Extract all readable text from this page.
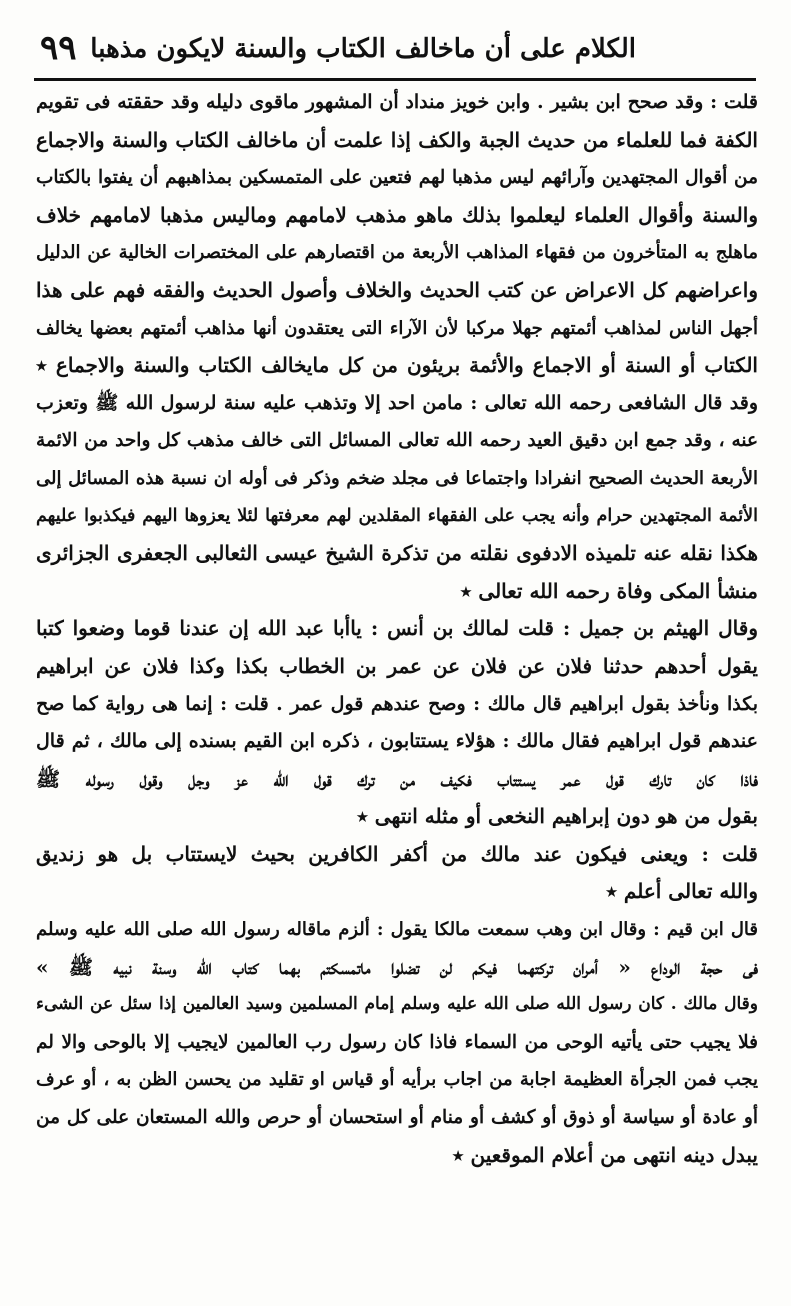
الكلام على أن ماخالف الكتاب والسنة لايكون مذهبا
٩٩
قلت : وقد صحح ابن بشير . وابن خويز منداد أن المشهور ماقوى دليله وقد حققته فى تقويم
الكفة فما للعلماء من حديث الجبة والكف إذا علمت أن ماخالف الكتاب والسنة والاجماع
من أقوال المجتهدين وآرائهم ليس مذهبا لهم فتعين على المتمسكين بمذاهبهم أن يفتوا بالكتاب
والسنة وأقوال العلماء ليعلموا بذلك ماهو مذهب لامامهم وماليس مذهبا لامامهم خلاف
ماهلج به المتأخرون من فقهاء المذاهب الأربعة من اقتصارهم على المختصرات الخالية عن الدليل
واعراضهم كل الاعراض عن كتب الحديث والخلاف وأصول الحديث والفقه فهم على هذا
أجهل الناس لمذاهب أئمتهم جهلا مركبا لأن الآراء التى يعتقدون أنها مذاهب أئمتهم بعضها يخالف
الكتاب أو السنة أو الاجماع والأئمة بريئون من كل مايخالف الكتاب والسنة والاجماع ٭
وقد قال الشافعى رحمه الله تعالى : مامن احد إلا وتذهب عليه سنة لرسول الله ﷺ وتعزب
عنه ، وقد جمع ابن دقيق العيد رحمه الله تعالى المسائل التى خالف مذهب كل واحد من الائمة
الأربعة الحديث الصحيح انفرادا واجتماعا فى مجلد ضخم وذكر فى أوله ان نسبة هذه المسائل إلى
الأئمة المجتهدين حرام وأنه يجب على الفقهاء المقلدين لهم معرفتها لئلا يعزوها اليهم فيكذبوا عليهم
هكذا نقله عنه تلميذه الادفوى نقلته من تذكرة الشيخ عيسى الثعالبى الجعفرى الجزائرى
منشأ المكى وفاة رحمه الله تعالى ٭
وقال الهيثم بن جميل : قلت لمالك بن أنس : ياأبا عبد الله إن عندنا قوما وضعوا كتبا
يقول أحدهم حدثنا فلان عن فلان عن عمر بن الخطاب بكذا وكذا فلان عن ابراهيم
بكذا ونأخذ بقول ابراهيم قال مالك : وصح عندهم قول عمر . قلت : إنما هى رواية كما صح
عندهم قول ابراهيم فقال مالك : هؤلاء يستتابون ، ذكره ابن القيم بسنده إلى مالك ، ثم قال
فاذا كان تارك قول عمر يستتاب فكيف من ترك قول الله عز وجل وقول رسوله ﷺ
بقول من هو دون إبراهيم النخعى أو مثله انتهى ٭
قلت : ويعنى فيكون عند مالك من أكفر الكافرين بحيث لايستتاب بل هو زنديق
والله تعالى أعلم ٭
قال ابن قيم : وقال ابن وهب سمعت مالكا يقول : ألزم ماقاله رسول الله صلى الله عليه وسلم
فى حجة الوداع « أمران تركتهما فيكم لن تضلوا ماتمسكتم بهما كتاب الله وسنة نبيه ﷺ »
وقال مالك . كان رسول الله صلى الله عليه وسلم إمام المسلمين وسيد العالمين إذا سئل عن الشىء
فلا يجيب حتى يأتيه الوحى من السماء فاذا كان رسول رب العالمين لايجيب إلا بالوحى والا لم
يجب فمن الجرأة العظيمة اجابة من اجاب برأيه أو قياس او تقليد من يحسن الظن به ، أو عرف
أو عادة أو سياسة أو ذوق أو كشف أو منام أو استحسان أو حرص والله المستعان على كل من
يبدل دينه انتهى من أعلام الموقعين ٭
